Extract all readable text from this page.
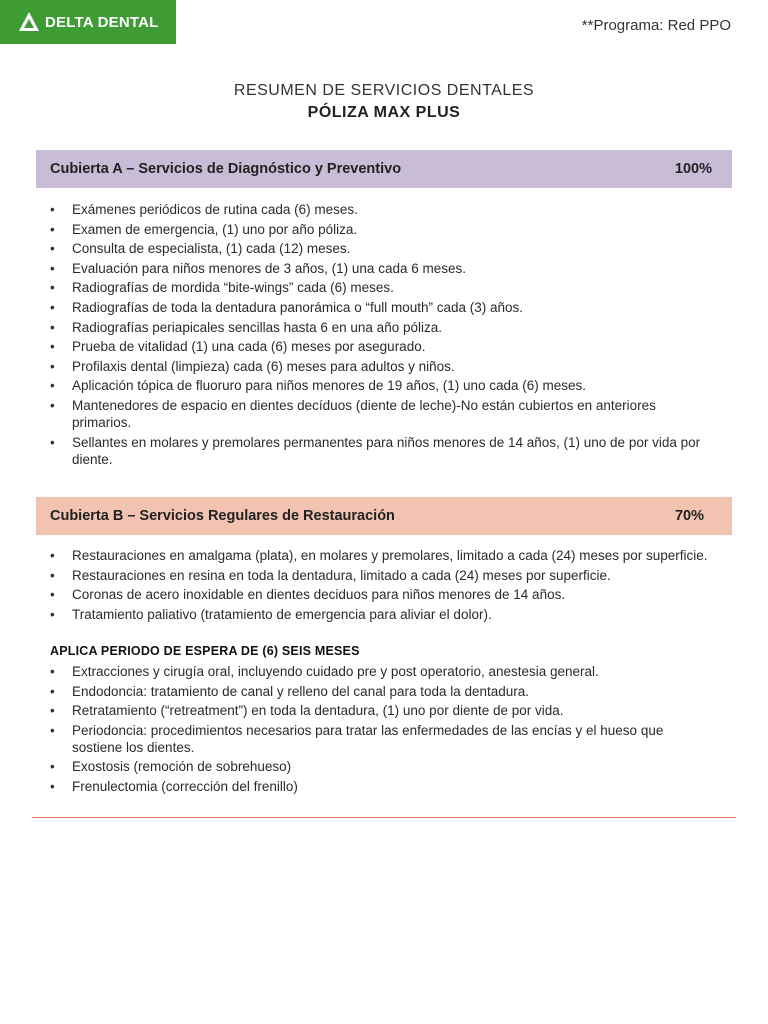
DELTA DENTAL	**Programa: Red PPO
RESUMEN DE SERVICIOS DENTALES
PÓLIZA MAX PLUS
Cubierta A – Servicios de Diagnóstico y Preventivo	100%
• Exámenes periódicos de rutina cada (6) meses.
• Examen de emergencia, (1) uno por año póliza.
• Consulta de especialista, (1) cada (12) meses.
• Evaluación para niños menores de 3 años, (1) una cada 6 meses.
• Radiografías de mordida “bite-wings” cada (6) meses.
• Radiografías de toda la dentadura panorámica o “full mouth” cada (3) años.
• Radiografías periapicales sencillas hasta 6 en una año póliza.
• Prueba de vitalidad (1) una cada (6) meses por asegurado.
• Profilaxis dental (limpieza) cada (6) meses para adultos y niños.
• Aplicación tópica de fluoruro para niños menores de 19 años, (1) uno cada (6) meses.
• Mantenedores de espacio en dientes decíduos (diente de leche)-No están cubiertos en anteriores primarios.
• Sellantes en molares y premolares permanentes para niños menores de 14 años, (1) uno de por vida por diente.
Cubierta B – Servicios Regulares de Restauración	70%
• Restauraciones en amalgama (plata), en molares y premolares, limitado a cada (24) meses por superficie.
• Restauraciones en resina en toda la dentadura, limitado a cada (24) meses por superficie.
• Coronas de acero inoxidable en dientes deciduos para niños menores de 14 años.
• Tratamiento paliativo (tratamiento de emergencia para aliviar el dolor).
APLICA PERIODO DE ESPERA DE (6) SEIS MESES
• Extracciones y cirugía oral, incluyendo cuidado pre y post operatorio, anestesia general.
• Endodoncia: tratamiento de canal y relleno del canal para toda la dentadura.
• Retratamiento (“retreatment”) en toda la dentadura, (1) uno por diente de por vida.
• Periodoncia: procedimientos necesarios para tratar las enfermedades de las encías y el hueso que sostiene los dientes.
• Exostosis (remoción de sobrehueso)
• Frenulectomia (corrección del frenillo)
